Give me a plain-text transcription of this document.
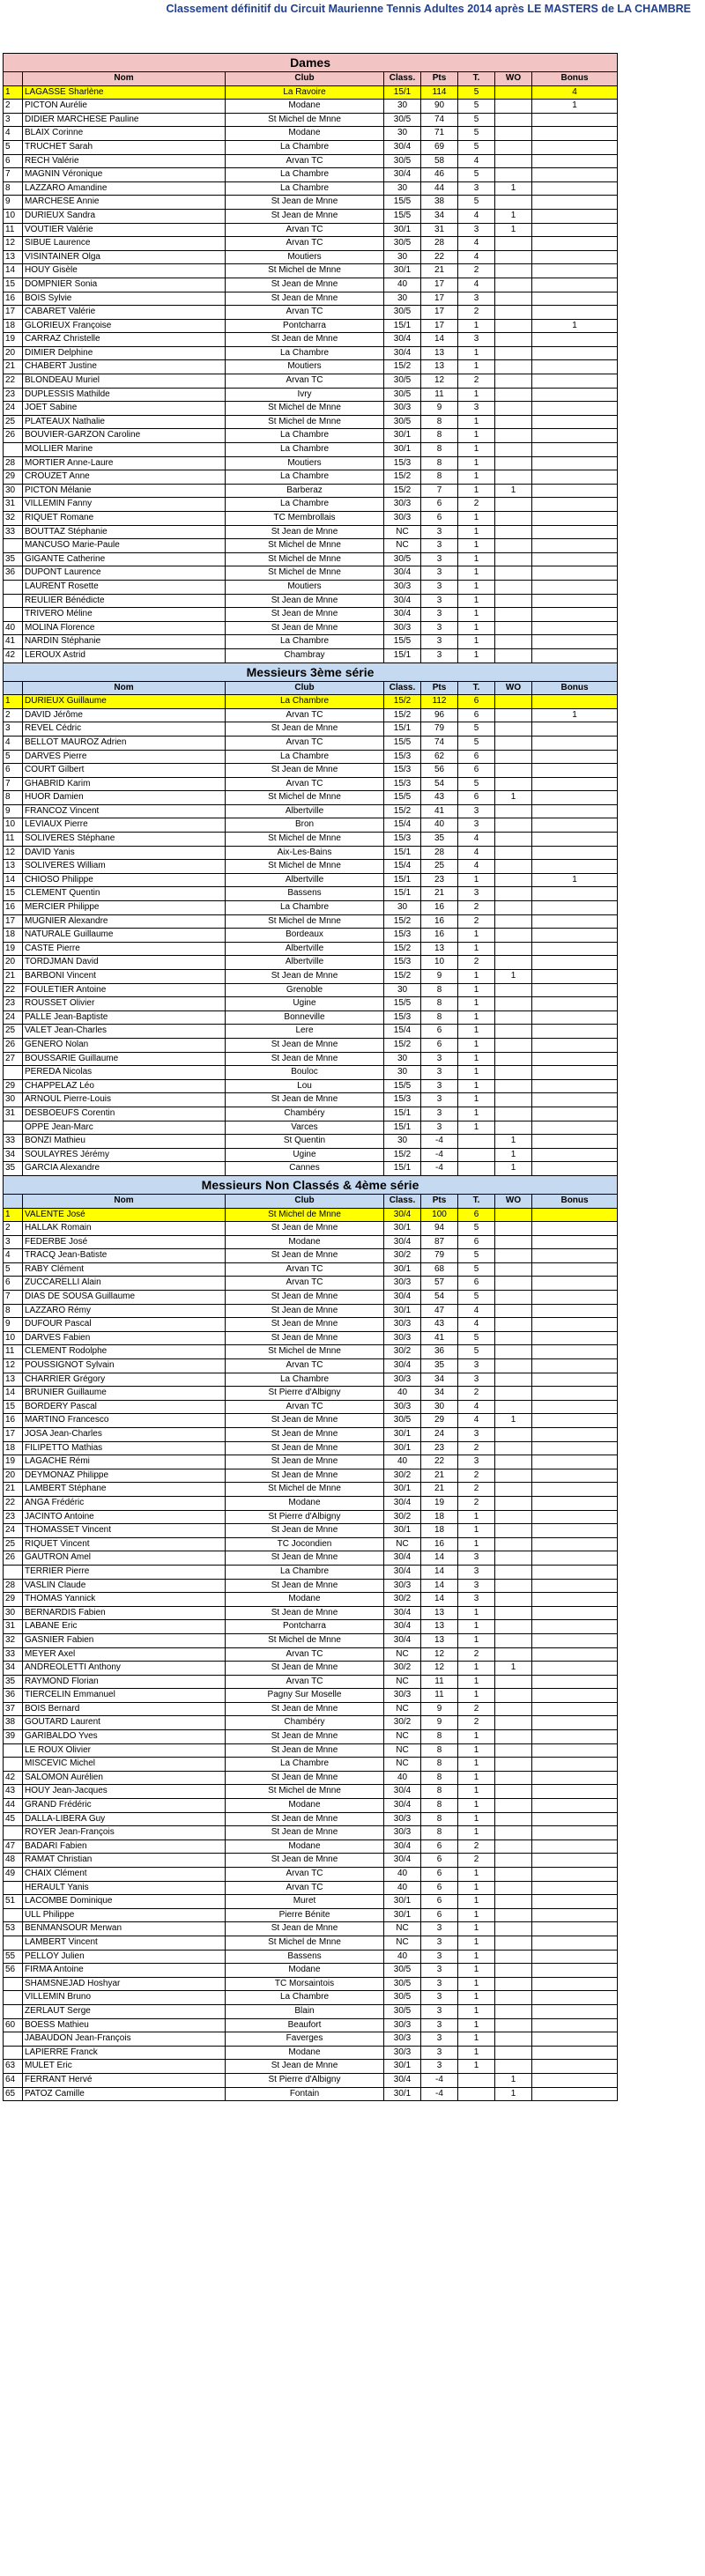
Classement définitif du Circuit Maurienne Tennis Adultes 2014 après LE MASTERS de LA CHAMBRE
Dames							
	Nom	Club	Class.	Pts	T.	WO	Bonus
1	LAGASSE Sharlène	La Ravoire	15/1	114	5		4
2	PICTON Aurélie	Modane	30	90	5		1
3	DIDIER MARCHESE Pauline	St Michel de Mnne	30/5	74	5		
4	BLAIX Corinne	Modane	30	71	5		
5	TRUCHET Sarah	La Chambre	30/4	69	5		
6	RECH Valérie	Arvan TC	30/5	58	4		
7	MAGNIN Véronique	La Chambre	30/4	46	5		
8	LAZZARO Amandine	La Chambre	30	44	3	1	
9	MARCHESE Annie	St Jean de Mnne	15/5	38	5		
10	DURIEUX Sandra	St Jean de Mnne	15/5	34	4	1	
11	VOUTIER Valérie	Arvan TC	30/1	31	3	1	
12	SIBUE Laurence	Arvan TC	30/5	28	4		
13	VISINTAINER Olga	Moutiers	30	22	4		
14	HOUY Gisèle	St Michel de Mnne	30/1	21	2		
15	DOMPNIER Sonia	St Jean de Mnne	40	17	4		
16	BOIS Sylvie	St Jean de Mnne	30	17	3		
17	CABARET Valérie	Arvan TC	30/5	17	2		
18	GLORIEUX Françoise	Pontcharra	15/1	17	1		1
19	CARRAZ Christelle	St Jean de Mnne	30/4	14	3		
20	DIMIER Delphine	La Chambre	30/4	13	1		
21	CHABERT Justine	Moutiers	15/2	13	1		
22	BLONDEAU Muriel	Arvan TC	30/5	12	2		
23	DUPLESSIS Mathilde	Ivry	30/5	11	1		
24	JOET Sabine	St Michel de Mnne	30/3	9	3		
25	PLATEAUX Nathalie	St Michel de Mnne	30/5	8	1		
26	BOUVIER-GARZON Caroline	La Chambre	30/1	8	1		
	MOLLIER Marine	La Chambre	30/1	8	1		
28	MORTIER Anne-Laure	Moutiers	15/3	8	1		
29	CROUZET Anne	La Chambre	15/2	8	1		
30	PICTON Mélanie	Barberaz	15/2	7	1	1	
31	VILLEMIN Fanny	La Chambre	30/3	6	2		
32	RIQUET Romane	TC Membrollais	30/3	6	1		
33	BOUTTAZ Stéphanie	St Jean de Mnne	NC	3	1		
	MANCUSO Marie-Paule	St Michel de Mnne	NC	3	1		
35	GIGANTE Catherine	St Michel de Mnne	30/5	3	1		
36	DUPONT Laurence	St Michel de Mnne	30/4	3	1		
	LAURENT Rosette	Moutiers	30/3	3	1		
	REULIER Bénédicte	St Jean de Mnne	30/4	3	1		
	TRIVERO Méline	St Jean de Mnne	30/4	3	1		
40	MOLINA Florence	St Jean de Mnne	30/3	3	1		
41	NARDIN Stéphanie	La Chambre	15/5	3	1		
42	LEROUX Astrid	Chambray	15/1	3	1		
Messieurs 3ème série							
	Nom	Club	Class.	Pts	T.	WO	Bonus
1	DURIEUX Guillaume	La Chambre	15/2	112	6		
2	DAVID Jérôme	Arvan TC	15/2	96	6		1
3	REVEL Cédric	St Jean de Mnne	15/1	79	5		
4	BELLOT MAUROZ Adrien	Arvan TC	15/5	74	5		
5	DARVES Pierre	La Chambre	15/3	62	6		
6	COURT Gilbert	St Jean de Mnne	15/3	56	6		
7	GHABRID Karim	Arvan TC	15/3	54	5		
8	HUOR Damien	St Michel de Mnne	15/5	43	6	1	
9	FRANCOZ Vincent	Albertville	15/2	41	3		
10	LEVIAUX Pierre	Bron	15/4	40	3		
11	SOLIVERES Stéphane	St Michel de Mnne	15/3	35	4		
12	DAVID Yanis	Aix-Les-Bains	15/1	28	4		
13	SOLIVERES William	St Michel de Mnne	15/4	25	4		
14	CHIOSO Philippe	Albertville	15/1	23	1		1
15	CLEMENT Quentin	Bassens	15/1	21	3		
16	MERCIER Philippe	La Chambre	30	16	2		
17	MUGNIER Alexandre	St Michel de Mnne	15/2	16	2		
18	NATURALE Guillaume	Bordeaux	15/3	16	1		
19	CASTE Pierre	Albertville	15/2	13	1		
20	TORDJMAN David	Albertville	15/3	10	2		
21	BARBONI Vincent	St Jean de Mnne	15/2	9	1	1	
22	FOULETIER Antoine	Grenoble	30	8	1		
23	ROUSSET Olivier	Ugine	15/5	8	1		
24	PALLE Jean-Baptiste	Bonneville	15/3	8	1		
25	VALET Jean-Charles	Lere	15/4	6	1		
26	GENERO Nolan	St Jean de Mnne	15/2	6	1		
27	BOUSSARIE Guillaume	St Jean de Mnne	30	3	1		
	PEREDA Nicolas	Bouloc	30	3	1		
29	CHAPPELAZ Léo	Lou	15/5	3	1		
30	ARNOUL Pierre-Louis	St Jean de Mnne	15/3	3	1		
31	DESBOEUFS Corentin	Chambéry	15/1	3	1		
	OPPE Jean-Marc	Varces	15/1	3	1		
33	BONZI Mathieu	St Quentin	30	-4		1	
34	SOULAYRES Jérémy	Ugine	15/2	-4		1	
35	GARCIA Alexandre	Cannes	15/1	-4		1	
Messieurs Non Classés & 4ème série							
	Nom	Club	Class.	Pts	T.	WO	Bonus
1	VALENTE José	St Michel de Mnne	30/4	100	6		
2	HALLAK Romain	St Jean de Mnne	30/1	94	5		
3	FEDERBE José	Modane	30/4	87	6		
4	TRACQ Jean-Batiste	St Jean de Mnne	30/2	79	5		
5	RABY Clément	Arvan TC	30/1	68	5		
6	ZUCCARELLI Alain	Arvan TC	30/3	57	6		
7	DIAS DE SOUSA Guillaume	St Jean de Mnne	30/4	54	5		
8	LAZZARO Rémy	St Jean de Mnne	30/1	47	4		
9	DUFOUR Pascal	St Jean de Mnne	30/3	43	4		
10	DARVES Fabien	St Jean de Mnne	30/3	41	5		
11	CLEMENT Rodolphe	St Michel de Mnne	30/2	36	5		
12	POUSSIGNOT Sylvain	Arvan TC	30/4	35	3		
13	CHARRIER Grégory	La Chambre	30/3	34	3		
14	BRUNIER Guillaume	St Pierre d'Albigny	40	34	2		
15	BORDERY Pascal	Arvan TC	30/3	30	4		
16	MARTINO Francesco	St Jean de Mnne	30/5	29	4	1	
17	JOSA Jean-Charles	St Jean de Mnne	30/1	24	3		
18	FILIPETTO Mathias	St Jean de Mnne	30/1	23	2		
19	LAGACHE Rémi	St Jean de Mnne	40	22	3		
20	DEYMONAZ Philippe	St Jean de Mnne	30/2	21	2		
21	LAMBERT Stéphane	St Michel de Mnne	30/1	21	2		
22	ANGA Frédéric	Modane	30/4	19	2		
23	JACINTO Antoine	St Pierre d'Albigny	30/2	18	1		
24	THOMASSET Vincent	St Jean de Mnne	30/1	18	1		
25	RIQUET Vincent	TC Jocondien	NC	16	1		
26	GAUTRON Amel	St Jean de Mnne	30/4	14	3		
	TERRIER Pierre	La Chambre	30/4	14	3		
28	VASLIN Claude	St Jean de Mnne	30/3	14	3		
29	THOMAS Yannick	Modane	30/2	14	3		
30	BERNARDIS Fabien	St Jean de Mnne	30/4	13	1		
31	LABANE Eric	Pontcharra	30/4	13	1		
32	GASNIER Fabien	St Michel de Mnne	30/4	13	1		
33	MEYER Axel	Arvan TC	NC	12	2		
34	ANDREOLETTI Anthony	St Jean de Mnne	30/2	12	1	1	
35	RAYMOND Florian	Arvan TC	NC	11	1		
36	TIERCELIN Emmanuel	Pagny Sur Moselle	30/3	11	1		
37	BOIS Bernard	St Jean de Mnne	NC	9	2		
38	GOUTARD Laurent	Chambéry	30/2	9	2		
39	GARIBALDO Yves	St Jean de Mnne	NC	8	1		
	LE ROUX Olivier	St Jean de Mnne	NC	8	1		
	MISCEVIC Michel	La Chambre	NC	8	1		
42	SALOMON Aurélien	St Jean de Mnne	40	8	1		
43	HOUY Jean-Jacques	St Michel de Mnne	30/4	8	1		
44	GRAND Frédéric	Modane	30/4	8	1		
45	DALLA-LIBERA Guy	St Jean de Mnne	30/3	8	1		
	ROYER Jean-François	St Jean de Mnne	30/3	8	1		
47	BADARI Fabien	Modane	30/4	6	2		
48	RAMAT Christian	St Jean de Mnne	30/4	6	2		
49	CHAIX Clément	Arvan TC	40	6	1		
	HERAULT Yanis	Arvan TC	40	6	1		
51	LACOMBE Dominique	Muret	30/1	6	1		
	ULL Philippe	Pierre Bénite	30/1	6	1		
53	BENMANSOUR Merwan	St Jean de Mnne	NC	3	1		
	LAMBERT Vincent	St Michel de Mnne	NC	3	1		
55	PELLOY Julien	Bassens	40	3	1		
56	FIRMA Antoine	Modane	30/5	3	1		
	SHAMSNEJAD Hoshyar	TC Morsaintois	30/5	3	1		
	VILLEMIN Bruno	La Chambre	30/5	3	1		
	ZERLAUT Serge	Blain	30/5	3	1		
60	BOESS Mathieu	Beaufort	30/3	3	1		
	JABAUDON Jean-François	Faverges	30/3	3	1		
	LAPIERRE Franck	Modane	30/3	3	1		
63	MULET Eric	St Jean de Mnne	30/1	3	1		
64	FERRANT Hervé	St Pierre d'Albigny	30/4	-4		1	
65	PATOZ Camille	Fontain	30/1	-4		1	
